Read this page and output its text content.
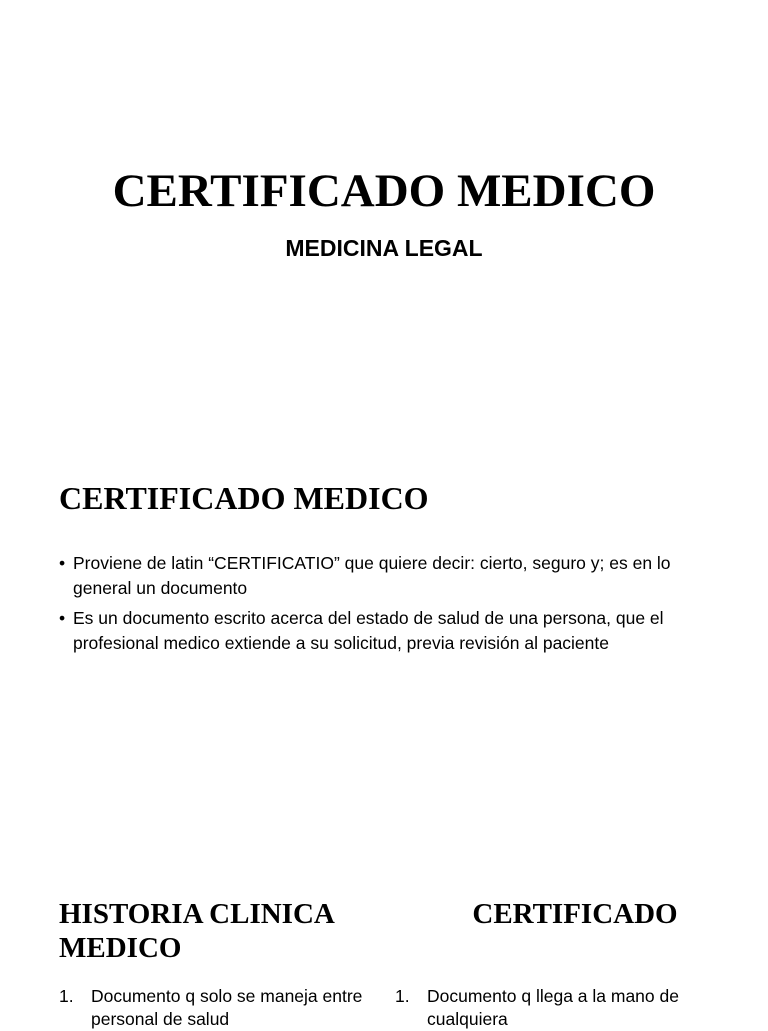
CERTIFICADO MEDICO
MEDICINA LEGAL
CERTIFICADO MEDICO
• Proviene de latin “CERTIFICATIO” que quiere decir: cierto, seguro y; es en lo general un documento
• Es un documento escrito acerca del estado de salud de una persona, que el profesional medico extiende a su solicitud, previa revisión al paciente
HISTORIA CLINICA MEDICO
CERTIFICADO
1. Documento q solo se maneja entre personal de salud
1. Documento q llega a la mano de cualquiera
